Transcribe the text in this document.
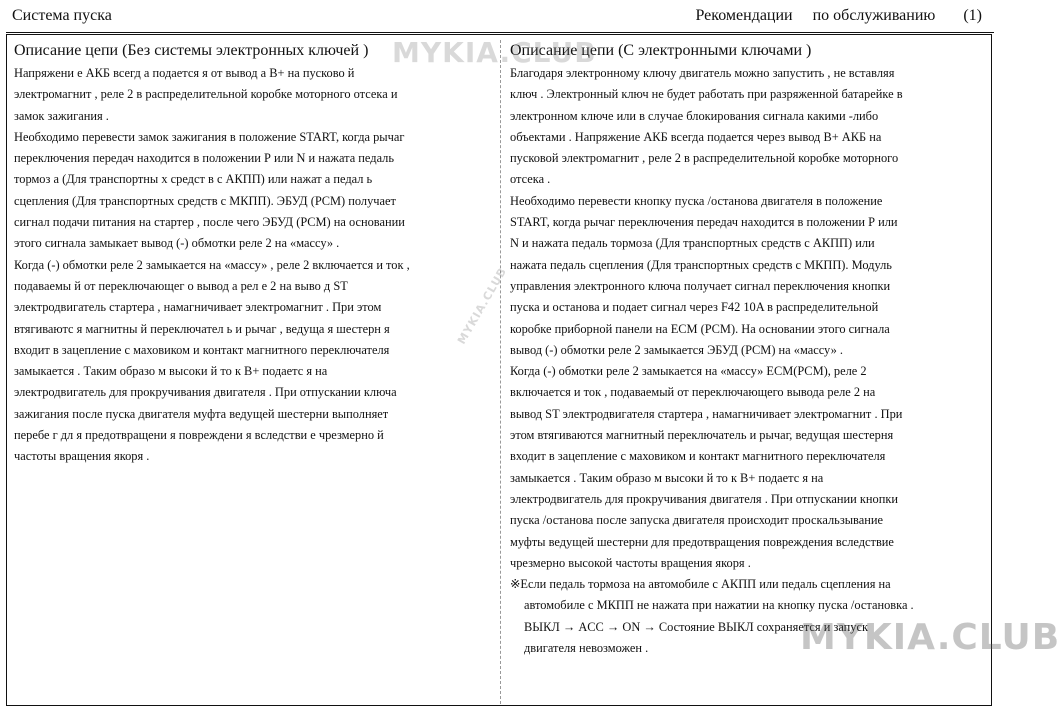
Система пуска	Рекомендации     по обслуживанию       (1)
Описание цепи (Без системы электронных ключей )
Напряжени е АКБ всегд а подается я от вывод а В+ на пусково й
электромагнит , реле 2 в распределительной коробке моторного отсека и
замок зажигания .
Необходимо перевести замок зажигания в положение START, когда рычаг
переключения передач находится в положении Р или N и нажата педаль
тормоз а (Для транспортны х средст в с АКПП) или нажат а педал ь
сцепления (Для транспортных средств с МКПП). ЭБУД (PCM) получает
сигнал подачи питания на стартер , после чего ЭБУД (PCM) на основании
этого сигнала замыкает вывод (-) обмотки реле 2 на «массу» .
Когда (-) обмотки реле 2 замыкается на «массу» , реле 2 включается и ток ,
подаваемы й от переключающег о вывод а рел е 2 на выво д ST
электродвигатель стартера , намагничивает электромагнит . При этом
втягиваютс я магнитны й переключател ь и рычаг , ведуща я шестерн я
входит в зацепление с маховиком и контакт магнитного переключателя
замыкается . Таким образо м высоки й то к В+ подаетс я на
электродвигатель для прокручивания двигателя . При отпускании ключа
зажигания после пуска двигателя муфта ведущей шестерни выполняет
перебе г дл я предотвращени я повреждени я вследстви е чрезмерно й
частоты вращения якоря .
Описание цепи (С электронными ключами )
Благодаря электронному ключу двигатель можно запустить , не вставляя
ключ . Электронный ключ не будет работать при разряженной батарейке в
электронном ключе или в случае блокирования сигнала какими -либо
объектами . Напряжение АКБ всегда подается через вывод В+ АКБ на
пусковой электромагнит , реле 2 в распределительной коробке моторного
отсека .
Необходимо перевести кнопку пуска /останова двигателя в положение
START, когда рычаг переключения передач находится в положении Р или
N и нажата педаль тормоза (Для транспортных средств с АКПП) или
нажата педаль сцепления (Для транспортных средств с МКПП). Модуль
управления электронного ключа получает сигнал переключения кнопки
пуска и останова и подает сигнал через F42 10A в распределительной
коробке приборной панели на ECM (PCM). На основании этого сигнала
вывод (-) обмотки реле 2 замыкается ЭБУД (PCM) на «массу» .
Когда (-) обмотки реле 2 замыкается на «массу» ECM(PCM), реле 2
включается и ток , подаваемый от переключающего вывода реле 2 на
вывод ST электродвигателя стартера , намагничивает электромагнит . При
этом втягиваются магнитный переключатель и рычаг, ведущая шестерня
входит в зацепление с маховиком и контакт магнитного переключателя
замыкается . Таким образо м высоки й то к В+ подаетс я на
электродвигатель для прокручивания двигателя . При отпускании кнопки
пуска /останова после запуска двигателя происходит проскальзывание
муфты ведущей шестерни для предотвращения повреждения вследствие
чрезмерно высокой частоты вращения якоря .
※Если педаль тормоза на автомобиле с АКПП или педаль сцепления на
автомобиле с МКПП не нажата при нажатии на кнопку пуска /остановка .
ВЫКЛ → ACC → ON → Состояние ВЫКЛ сохраняется и запуск
двигателя невозможен .
MYKIA.CLUB
MYKIA.CLUB
MYKIA.CLUB
